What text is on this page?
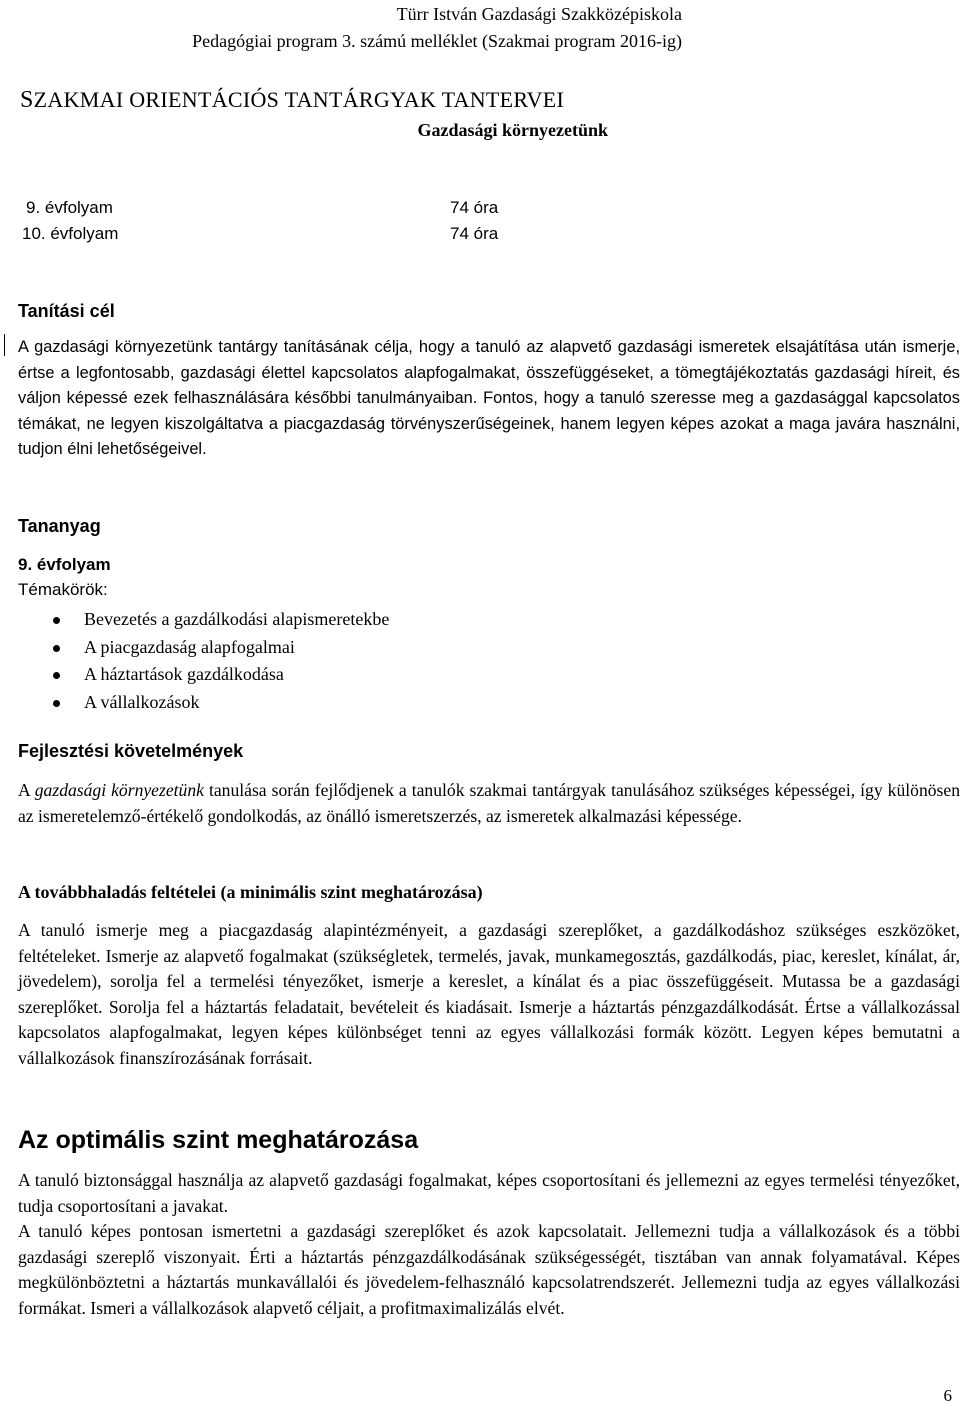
Türr István Gazdasági Szakközépiskola
Pedagógiai program 3. számú melléklet (Szakmai program 2016-ig)
SZAKMAI ORIENTÁCIÓS TANTÁRGYAK TANTERVEI
Gazdasági környezetünk
9. évfolyam	74 óra
10. évfolyam	74 óra
Tanítási cél

A gazdasági környezetünk tantárgy tanításának célja, hogy a tanuló az alapvető gazdasági ismeretek elsajátítása után ismerje, értse a legfontosabb, gazdasági élettel kapcsolatos alapfogalmakat, összefüggéseket, a tömegtájékoztatás gazdasági híreit, és váljon képessé ezek felhasználására későbbi tanulmányaiban. Fontos, hogy a tanuló szeresse meg a gazdasággal kapcsolatos témákat, ne legyen kiszolgáltatva a piacgazdaság törvényszerűségeinek, hanem legyen képes azokat a maga javára használni, tudjon élni lehetőségeivel.

Tananyag
9. évfolyam
Témakörök:
Bevezetés a gazdálkodási alapismeretekbe
A piacgazdaság alapfogalmai
A háztartások gazdálkodása
A vállalkozások
Fejlesztési követelmények

A gazdasági környezetünk tanulása során fejlődjenek a tanulók szakmai tantárgyak tanulásához szükséges képességei, így különösen az ismeretelemző-értékelő gondolkodás, az önálló ismeretszerzés, az ismeretek alkalmazási képessége.

A továbbhaladás feltételei (a minimális szint meghatározása)

A tanuló ismerje meg a piacgazdaság alapintézményeit, a gazdasági szereplőket, a gazdálkodáshoz szükséges eszközöket, feltételeket. Ismerje az alapvető fogalmakat (szükségletek, termelés, javak, munkamegosztás, gazdálkodás, piac, kereslet, kínálat, ár, jövedelem), sorolja fel a termelési tényezőket, ismerje a kereslet, a kínálat és a piac összefüggéseit. Mutassa be a gazdasági szereplőket. Sorolja fel a háztartás feladatait, bevételeit és kiadásait. Ismerje a háztartás pénzgazdálkodását. Értse a vállalkozással kapcsolatos alapfogalmakat, legyen képes különbséget tenni az egyes vállalkozási formák között. Legyen képes bemutatni a vállalkozások finanszírozásának forrásait.

Az optimális szint meghatározása

A tanuló biztonsággal használja az alapvető gazdasági fogalmakat, képes csoportosítani és jellemezni az egyes termelési tényezőket, tudja csoportosítani a javakat.

A tanuló képes pontosan ismertetni a gazdasági szereplőket és azok kapcsolatait. Jellemezni tudja a vállalkozások és a többi gazdasági szereplő viszonyait. Érti a háztartás pénzgazdálkodásának szükségességét, tisztában van annak folyamatával. Képes megkülönböztetni a háztartás munkavállalói és jövedelem-felhasználó kapcsolatrendszerét. Jellemezni tudja az egyes vállalkozási formákat. Ismeri a vállalkozások alapvető céljait, a profitmaximalizálás elvét.

6
